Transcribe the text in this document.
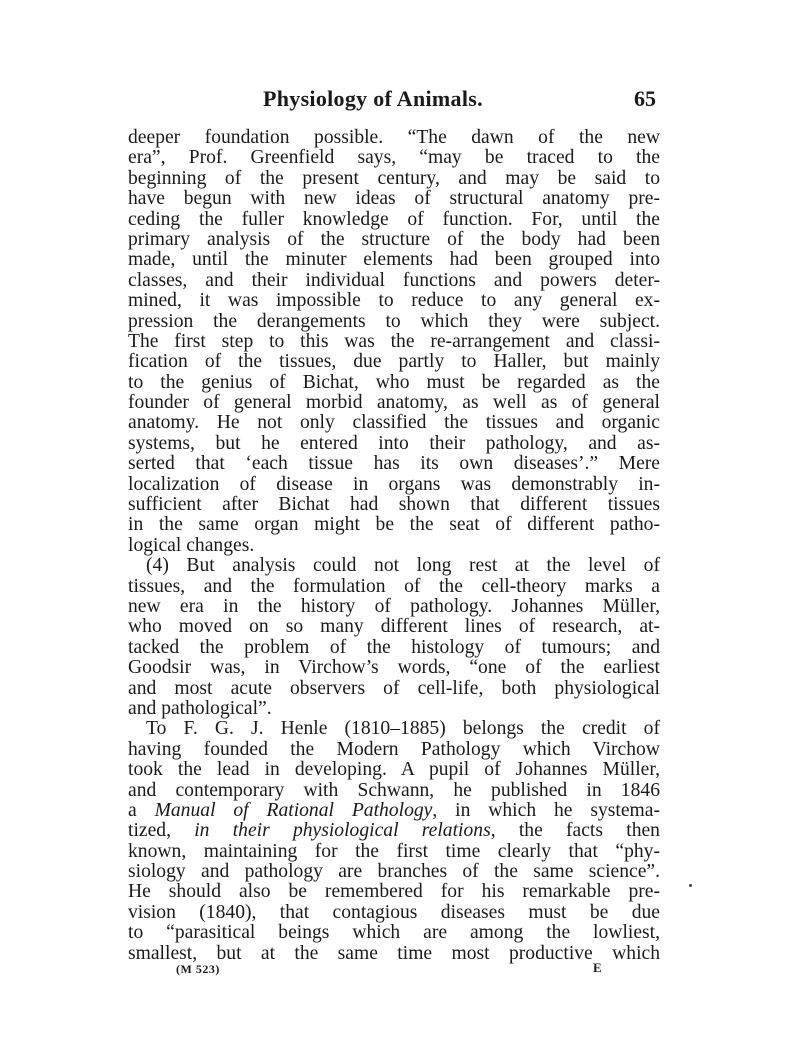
Physiology of Animals.	65
deeper foundation possible. “The dawn of the new
era”, Prof. Greenfield says, “may be traced to the
beginning of the present century, and may be said to
have begun with new ideas of structural anatomy pre-
ceding the fuller knowledge of function. For, until the
primary analysis of the structure of the body had been
made, until the minuter elements had been grouped into
classes, and their individual functions and powers deter-
mined, it was impossible to reduce to any general ex-
pression the derangements to which they were subject.
The first step to this was the re-arrangement and classi-
fication of the tissues, due partly to Haller, but mainly
to the genius of Bichat, who must be regarded as the
founder of general morbid anatomy, as well as of general
anatomy. He not only classified the tissues and organic
systems, but he entered into their pathology, and as-
serted that ‘each tissue has its own diseases’.” Mere
localization of disease in organs was demonstrably in-
sufficient after Bichat had shown that different tissues
in the same organ might be the seat of different patho-
logical changes.
(4) But analysis could not long rest at the level of
tissues, and the formulation of the cell-theory marks a
new era in the history of pathology. Johannes Müller,
who moved on so many different lines of research, at-
tacked the problem of the histology of tumours; and
Goodsir was, in Virchow’s words, “one of the earliest
and most acute observers of cell-life, both physiological
and pathological”.
To F. G. J. Henle (1810–1885) belongs the credit of
having founded the Modern Pathology which Virchow
took the lead in developing. A pupil of Johannes Müller,
and contemporary with Schwann, he published in 1846
a Manual of Rational Pathology, in which he systema-
tized, in their physiological relations, the facts then
known, maintaining for the first time clearly that “phy-
siology and pathology are branches of the same science”.
He should also be remembered for his remarkable pre-
vision (1840), that contagious diseases must be due
to “parasitical beings which are among the lowliest,
smallest, but at the same time most productive which
(M 523)	E
